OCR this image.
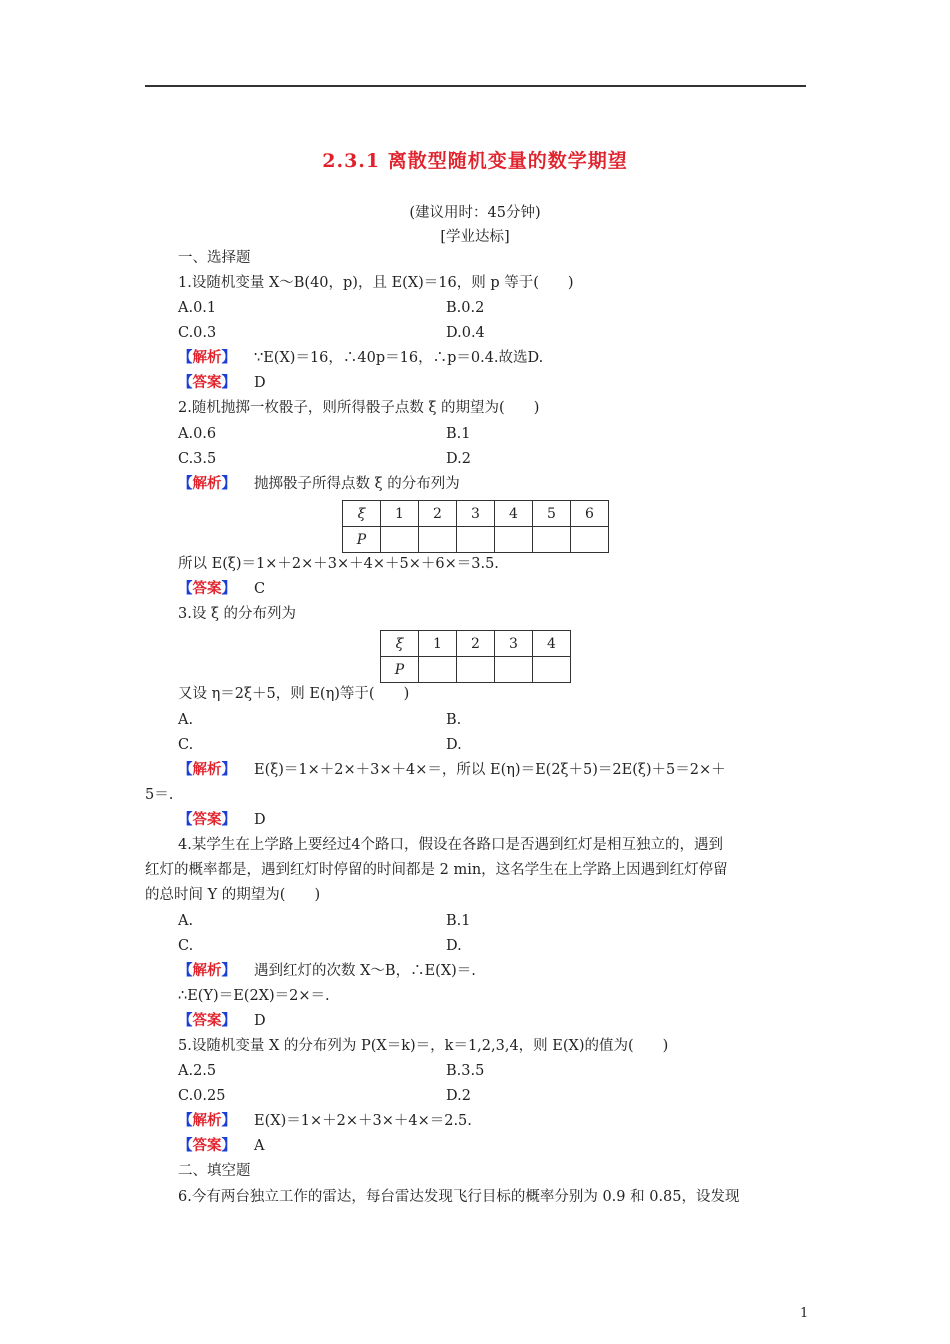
2.3.1 离散型随机变量的数学期望
(建议用时：45分钟)
[学业达标]
一、选择题
1.设随机变量 X～B(40，p)，且 E(X)＝16，则 p 等于(　　)
A.0.1	B.0.2
C.0.3	D.0.4
【解析】 ∵E(X)＝16，∴40p＝16，∴p＝0.4.故选D.
【答案】 D
2.随机抛掷一枚骰子，则所得骰子点数 ξ 的期望为(　　)
A.0.6	B.1
C.3.5	D.2
【解析】 抛掷骰子所得点数 ξ 的分布列为
ξ	1	2	3	4	5	6
P						
所以 E(ξ)＝1×＋2×＋3×＋4×＋5×＋6×＝3.5.
【答案】 C
3.设 ξ 的分布列为
ξ	1	2	3	4
P				
又设 η＝2ξ＋5，则 E(η)等于(　　)
A.	B.
C.	D.
【解析】 E(ξ)＝1×＋2×＋3×＋4×＝，所以 E(η)＝E(2ξ＋5)＝2E(ξ)＋5＝2×＋
5＝.
【答案】 D
4.某学生在上学路上要经过4个路口，假设在各路口是否遇到红灯是相互独立的，遇到
红灯的概率都是，遇到红灯时停留的时间都是 2 min，这名学生在上学路上因遇到红灯停留
的总时间 Y 的期望为(　　)
A.	B.1
C.	D.
【解析】 遇到红灯的次数 X～B，∴E(X)＝.
∴E(Y)＝E(2X)＝2×＝.
【答案】 D
5.设随机变量 X 的分布列为 P(X＝k)＝，k＝1,2,3,4，则 E(X)的值为(　　)
A.2.5	B.3.5
C.0.25	D.2
【解析】 E(X)＝1×＋2×＋3×＋4×＝2.5.
【答案】 A
二、填空题
6.今有两台独立工作的雷达，每台雷达发现飞行目标的概率分别为 0.9 和 0.85，设发现
1
